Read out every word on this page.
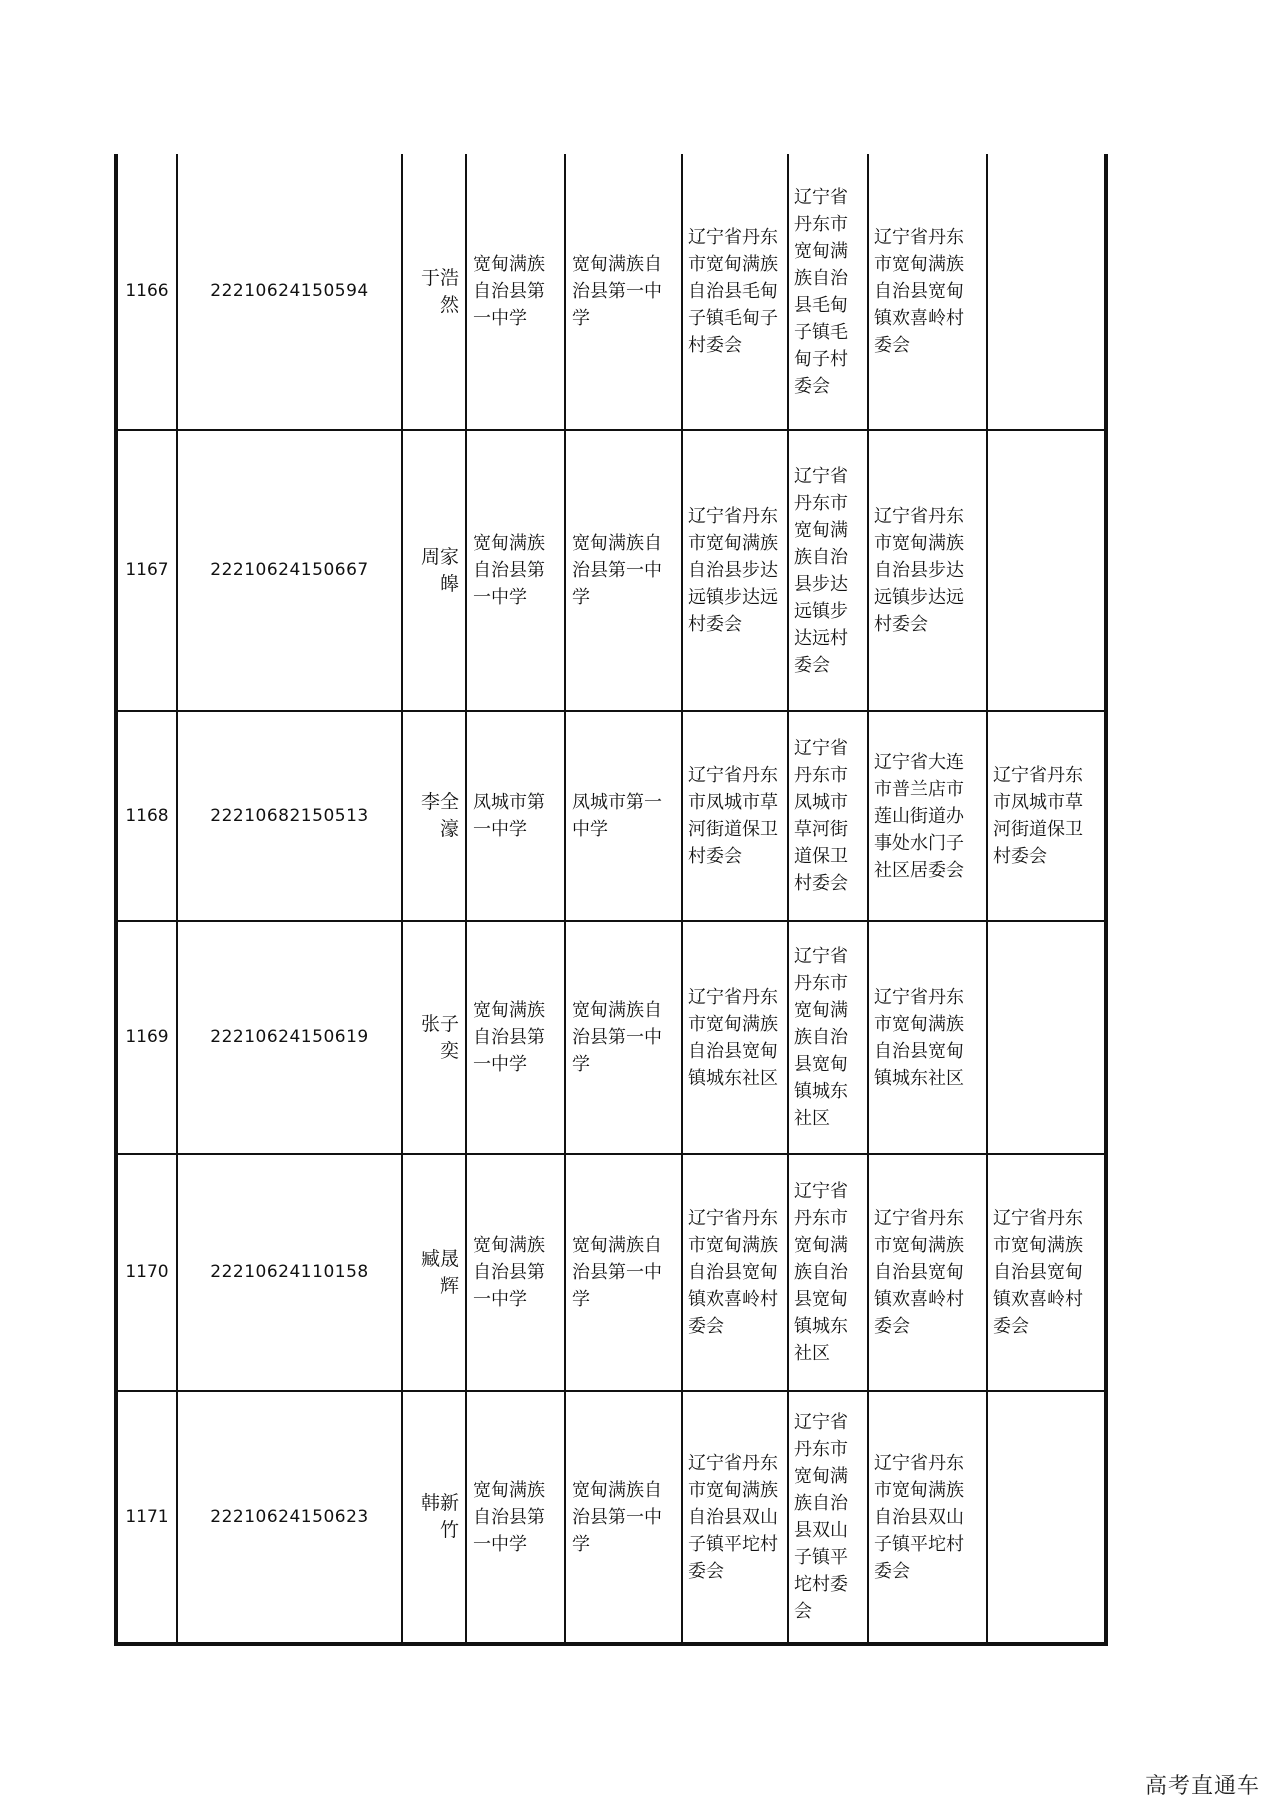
1166	22210624150594	于浩然	宽甸满族自治县第一中学	宽甸满族自治县第一中学	辽宁省丹东市宽甸满族自治县毛甸子镇毛甸子村委会	辽宁省丹东市宽甸满族自治县毛甸子镇毛甸子村委会	辽宁省丹东市宽甸满族自治县宽甸镇欢喜岭村委会	
1167	22210624150667	周家皞	宽甸满族自治县第一中学	宽甸满族自治县第一中学	辽宁省丹东市宽甸满族自治县步达远镇步达远村委会	辽宁省丹东市宽甸满族自治县步达远镇步达远村委会	辽宁省丹东市宽甸满族自治县步达远镇步达远村委会	
1168	22210682150513	李全濠	凤城市第一中学	凤城市第一中学	辽宁省丹东市凤城市草河街道保卫村委会	辽宁省丹东市凤城市草河街道保卫村委会	辽宁省大连市普兰店市莲山街道办事处水门子社区居委会	辽宁省丹东市凤城市草河街道保卫村委会
1169	22210624150619	张子奕	宽甸满族自治县第一中学	宽甸满族自治县第一中学	辽宁省丹东市宽甸满族自治县宽甸镇城东社区	辽宁省丹东市宽甸满族自治县宽甸镇城东社区	辽宁省丹东市宽甸满族自治县宽甸镇城东社区	
1170	22210624110158	臧晟辉	宽甸满族自治县第一中学	宽甸满族自治县第一中学	辽宁省丹东市宽甸满族自治县宽甸镇欢喜岭村委会	辽宁省丹东市宽甸满族自治县宽甸镇城东社区	辽宁省丹东市宽甸满族自治县宽甸镇欢喜岭村委会	辽宁省丹东市宽甸满族自治县宽甸镇欢喜岭村委会
1171	22210624150623	韩新竹	宽甸满族自治县第一中学	宽甸满族自治县第一中学	辽宁省丹东市宽甸满族自治县双山子镇平坨村委会	辽宁省丹东市宽甸满族自治县双山子镇平坨村委会	辽宁省丹东市宽甸满族自治县双山子镇平坨村委会	
高考直通车
